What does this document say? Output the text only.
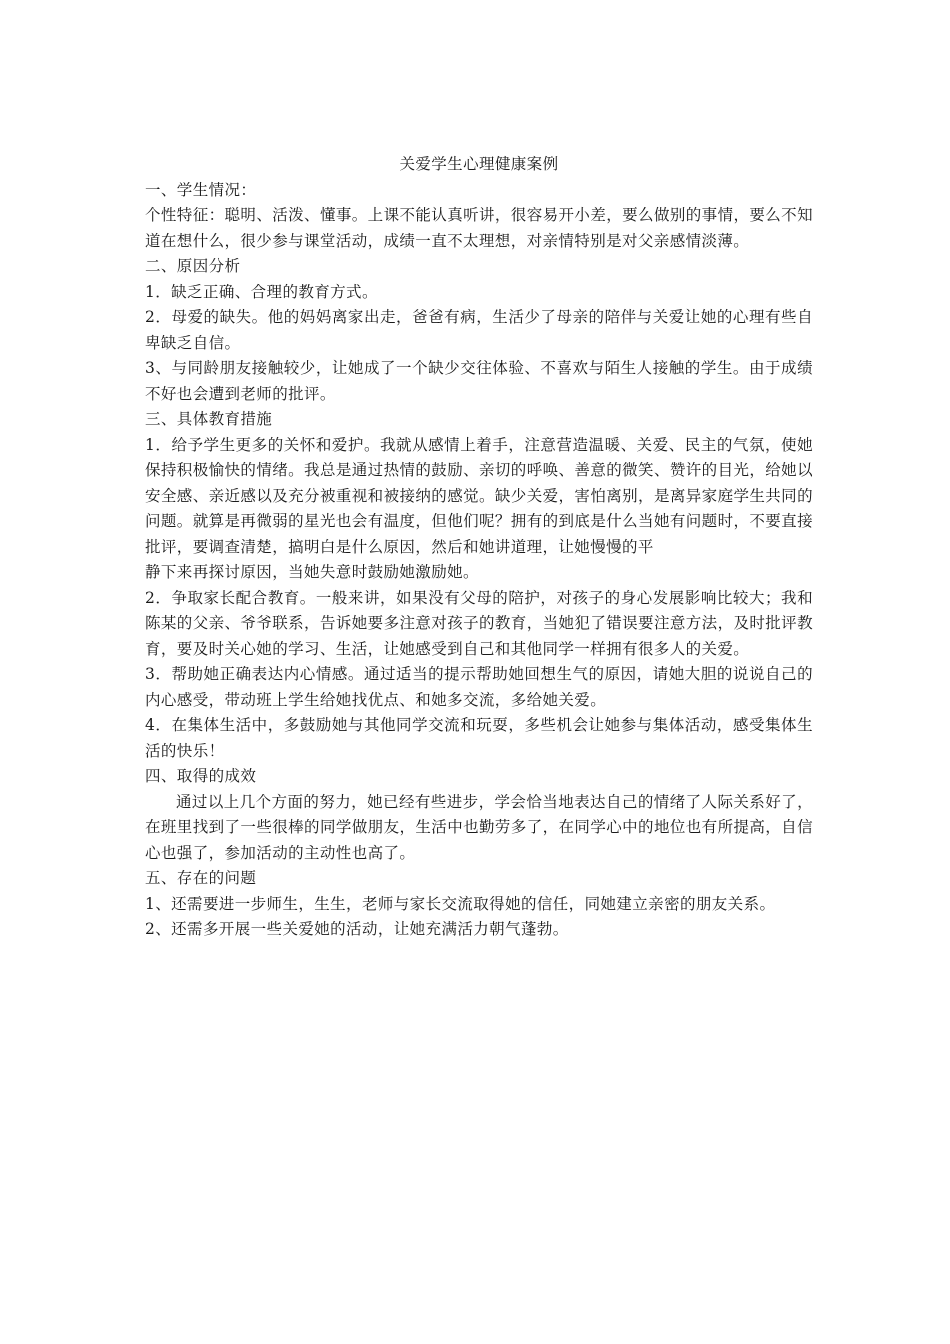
关爱学生心理健康案例

一、学生情况：

个性特征：聪明、活泼、懂事。上课不能认真听讲，很容易开小差，要么做别的事情，要么不知道在想什么，很少参与课堂活动，成绩一直不太理想，对亲情特别是对父亲感情淡薄。

二、原因分析

1．缺乏正确、合理的教育方式。

2．母爱的缺失。他的妈妈离家出走，爸爸有病，生活少了母亲的陪伴与关爱让她的心理有些自卑缺乏自信。

3、与同龄朋友接触较少，让她成了一个缺少交往体验、不喜欢与陌生人接触的学生。由于成绩不好也会遭到老师的批评。

三、具体教育措施

1．给予学生更多的关怀和爱护。我就从感情上着手，注意营造温暖、关爱、民主的气氛，使她保持积极愉快的情绪。我总是通过热情的鼓励、亲切的呼唤、善意的微笑、赞许的目光，给她以安全感、亲近感以及充分被重视和被接纳的感觉。缺少关爱，害怕离别，是离异家庭学生共同的问题。就算是再微弱的星光也会有温度，但他们呢？拥有的到底是什么当她有问题时，不要直接批评，要调查清楚，搞明白是什么原因，然后和她讲道理，让她慢慢的平

静下来再探讨原因，当她失意时鼓励她激励她。

2．争取家长配合教育。一般来讲，如果没有父母的陪护，对孩子的身心发展影响比较大；我和陈某的父亲、爷爷联系，告诉她要多注意对孩子的教育，当她犯了错误要注意方法，及时批评教育，要及时关心她的学习、生活，让她感受到自己和其他同学一样拥有很多人的关爱。

3．帮助她正确表达内心情感。通过适当的提示帮助她回想生气的原因，请她大胆的说说自己的内心感受，带动班上学生给她找优点、和她多交流，多给她关爱。

4．在集体生活中，多鼓励她与其他同学交流和玩耍，多些机会让她参与集体活动，感受集体生活的快乐！

四、取得的成效

通过以上几个方面的努力，她已经有些进步，学会恰当地表达自己的情绪了人际关系好了，在班里找到了一些很棒的同学做朋友，生活中也勤劳多了，在同学心中的地位也有所提高，自信心也强了，参加活动的主动性也高了。

五、存在的问题

1、还需要进一步师生，生生，老师与家长交流取得她的信任，同她建立亲密的朋友关系。

2、还需多开展一些关爱她的活动，让她充满活力朝气蓬勃。
